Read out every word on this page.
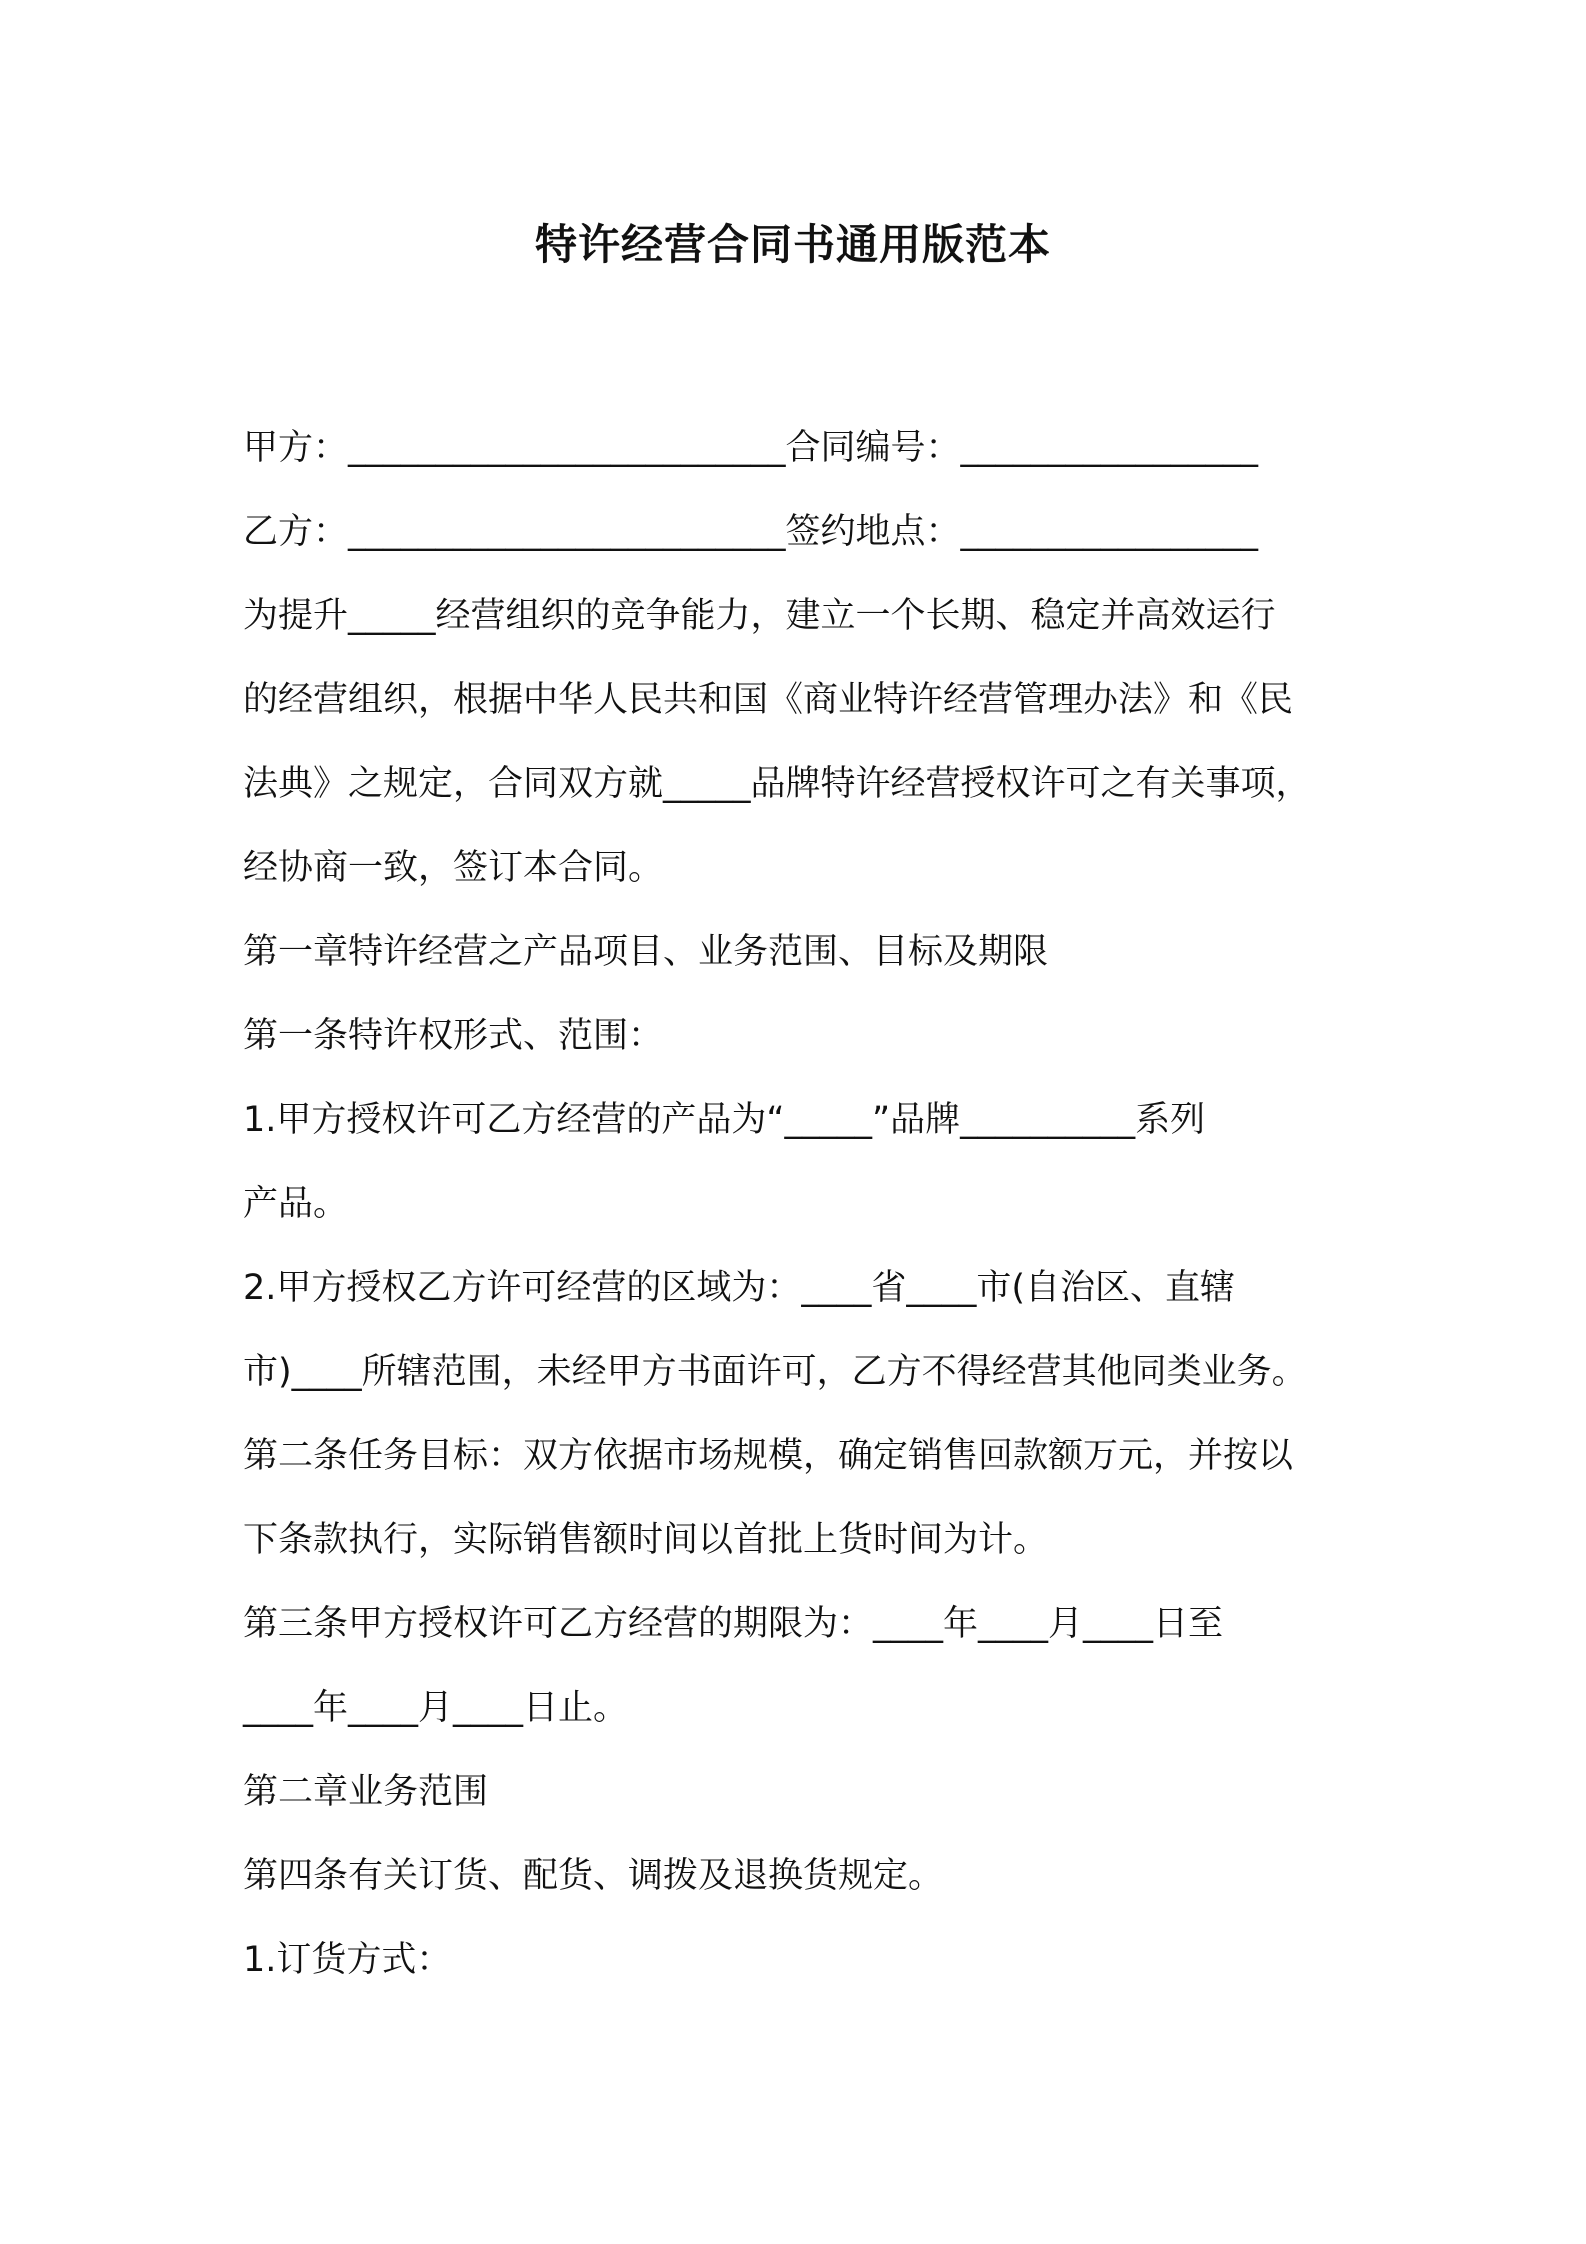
特许经营合同书通用版范本

甲方：_________________________合同编号：_________________

乙方：_________________________签约地点：_________________

为提升_____经营组织的竞争能力，建立一个长期、稳定并高效运行

的经营组织，根据中华人民共和国《商业特许经营管理办法》和《民

法典》之规定，合同双方就_____品牌特许经营授权许可之有关事项，

经协商一致，签订本合同。

第一章特许经营之产品项目、业务范围、目标及期限

第一条特许权形式、范围：

1.甲方授权许可乙方经营的产品为“_____”品牌__________系列

产品。

2.甲方授权乙方许可经营的区域为：____省____市(自治区、直辖

市)____所辖范围，未经甲方书面许可，乙方不得经营其他同类业务。

第二条任务目标：双方依据市场规模，确定销售回款额万元，并按以

下条款执行，实际销售额时间以首批上货时间为计。

第三条甲方授权许可乙方经营的期限为：____年____月____日至

____年____月____日止。

第二章业务范围

第四条有关订货、配货、调拨及退换货规定。

1.订货方式：
